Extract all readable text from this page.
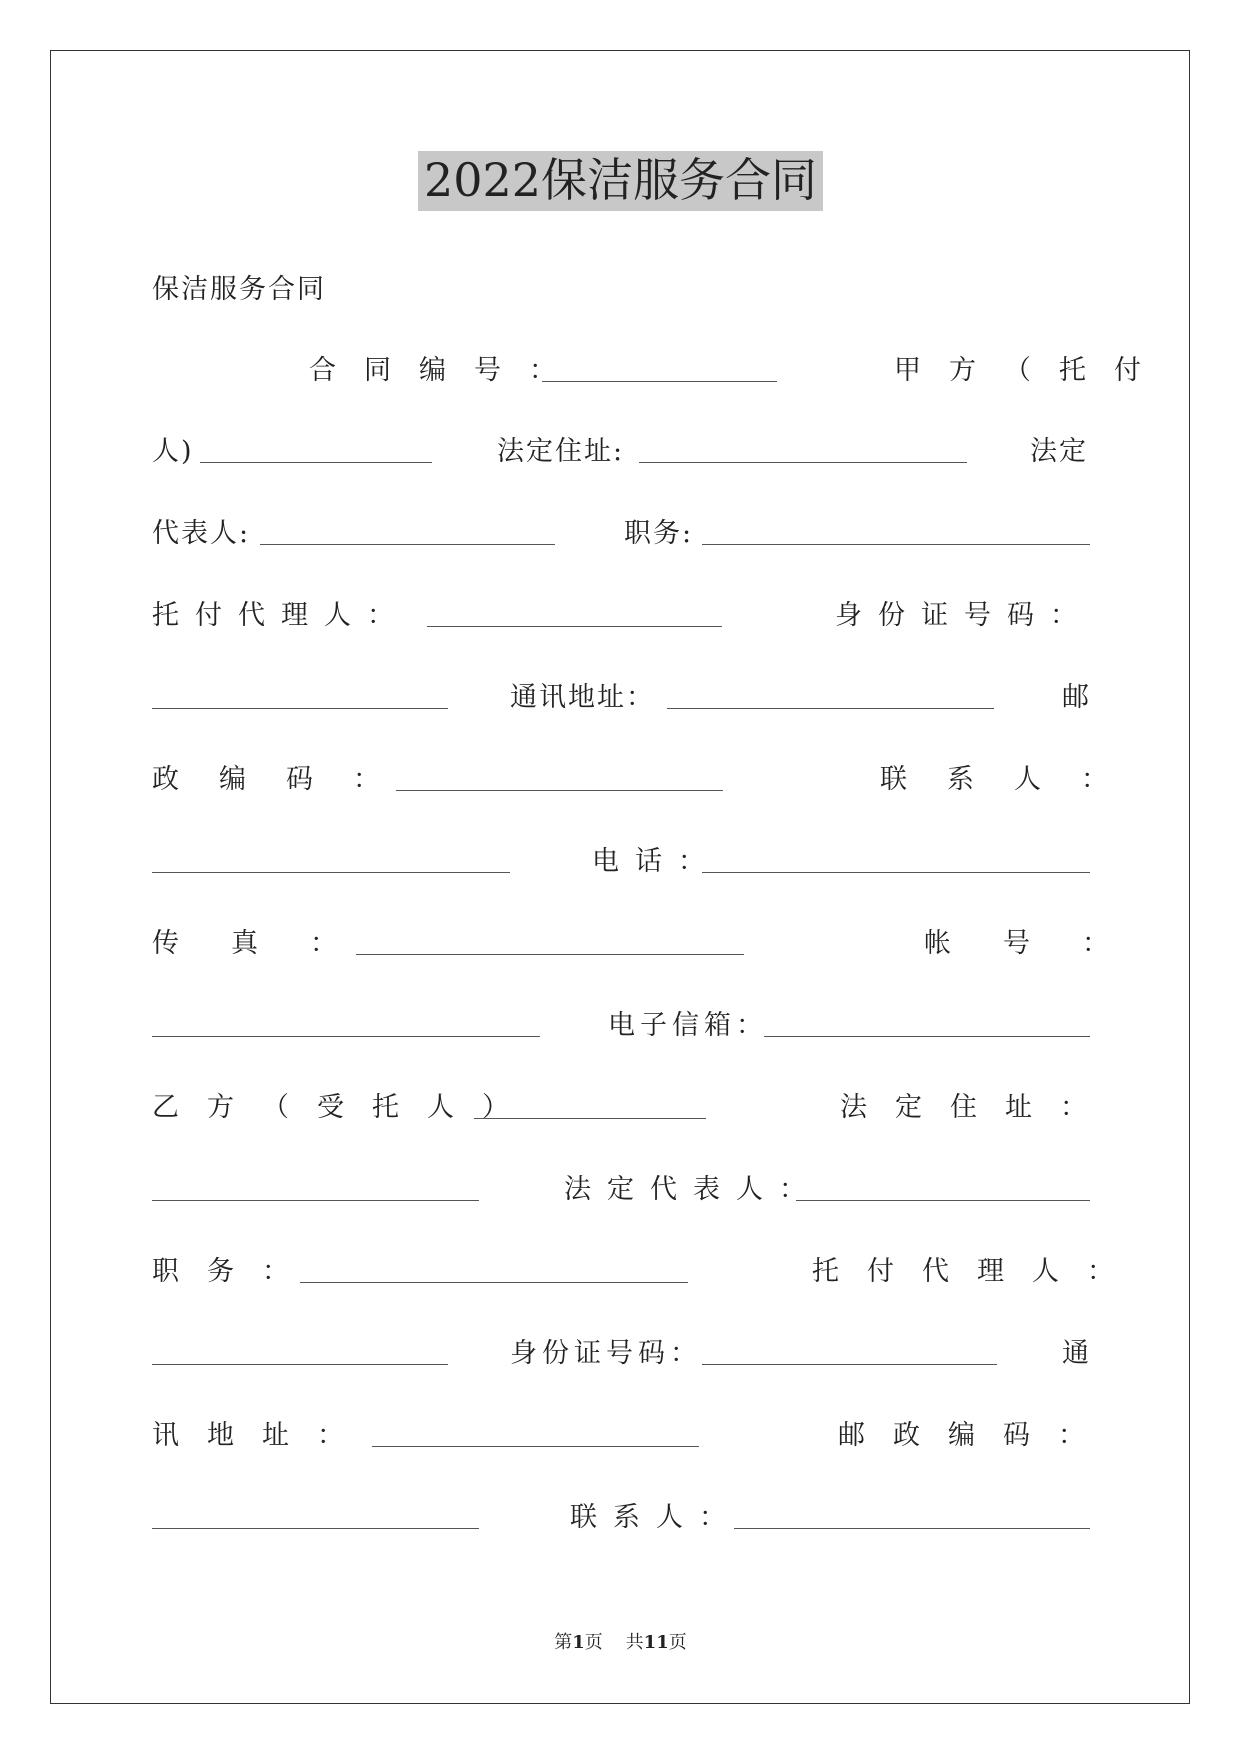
2022保洁服务合同
保洁服务合同
合同编号：	甲方（托付
人)	法定住址:	法定
代表人:	职务:
托付代理人：	身份证号码：
通讯地址：	邮
政编码：	联系人：
电话：
传真：	帐号：
电子信箱：
乙方（受托人）	法定住址：
法定代表人：
职务：	托付代理人：
身份证号码：	通
讯地址：	邮政编码：
联系人：
第1页 共11页
